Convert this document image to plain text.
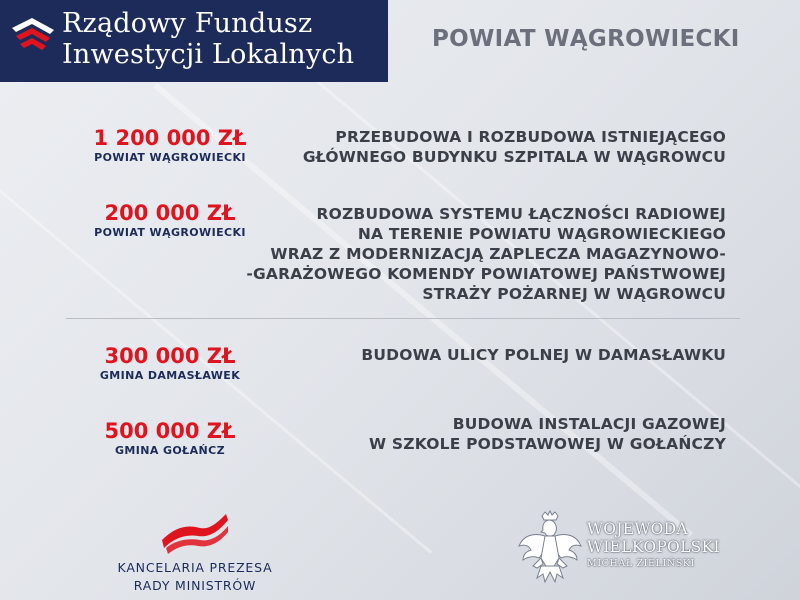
Rządowy Fundusz
Inwestycji Lokalnych	POWIAT WĄGROWIECKI
1 200 000 ZŁ
POWIAT WĄGROWIECKI
PRZEBUDOWA I ROZBUDOWA ISTNIEJĄCEGO
GŁÓWNEGO BUDYNKU SZPITALA W WĄGROWCU
200 000 ZŁ
POWIAT WĄGROWIECKI
ROZBUDOWA SYSTEMU ŁĄCZNOŚCI RADIOWEJ
NA TERENIE POWIATU WĄGROWIECKIEGO
WRAZ Z MODERNIZACJĄ ZAPLECZA MAGAZYNOWO-
-GARAŻOWEGO KOMENDY POWIATOWEJ PAŃSTWOWEJ
STRAŻY POŻARNEJ W WĄGROWCU
300 000 ZŁ
GMINA DAMASŁAWEK
BUDOWA ULICY POLNEJ W DAMASŁAWKU
500 000 ZŁ
GMINA GOŁAŃCZ
BUDOWA INSTALACJI GAZOWEJ
W SZKOLE PODSTAWOWEJ W GOŁAŃCZY
KANCELARIA PREZESA
RADY MINISTRÓW
WOJEWODA
WIELKOPOLSKI
MICHAŁ ZIELIŃSKI
